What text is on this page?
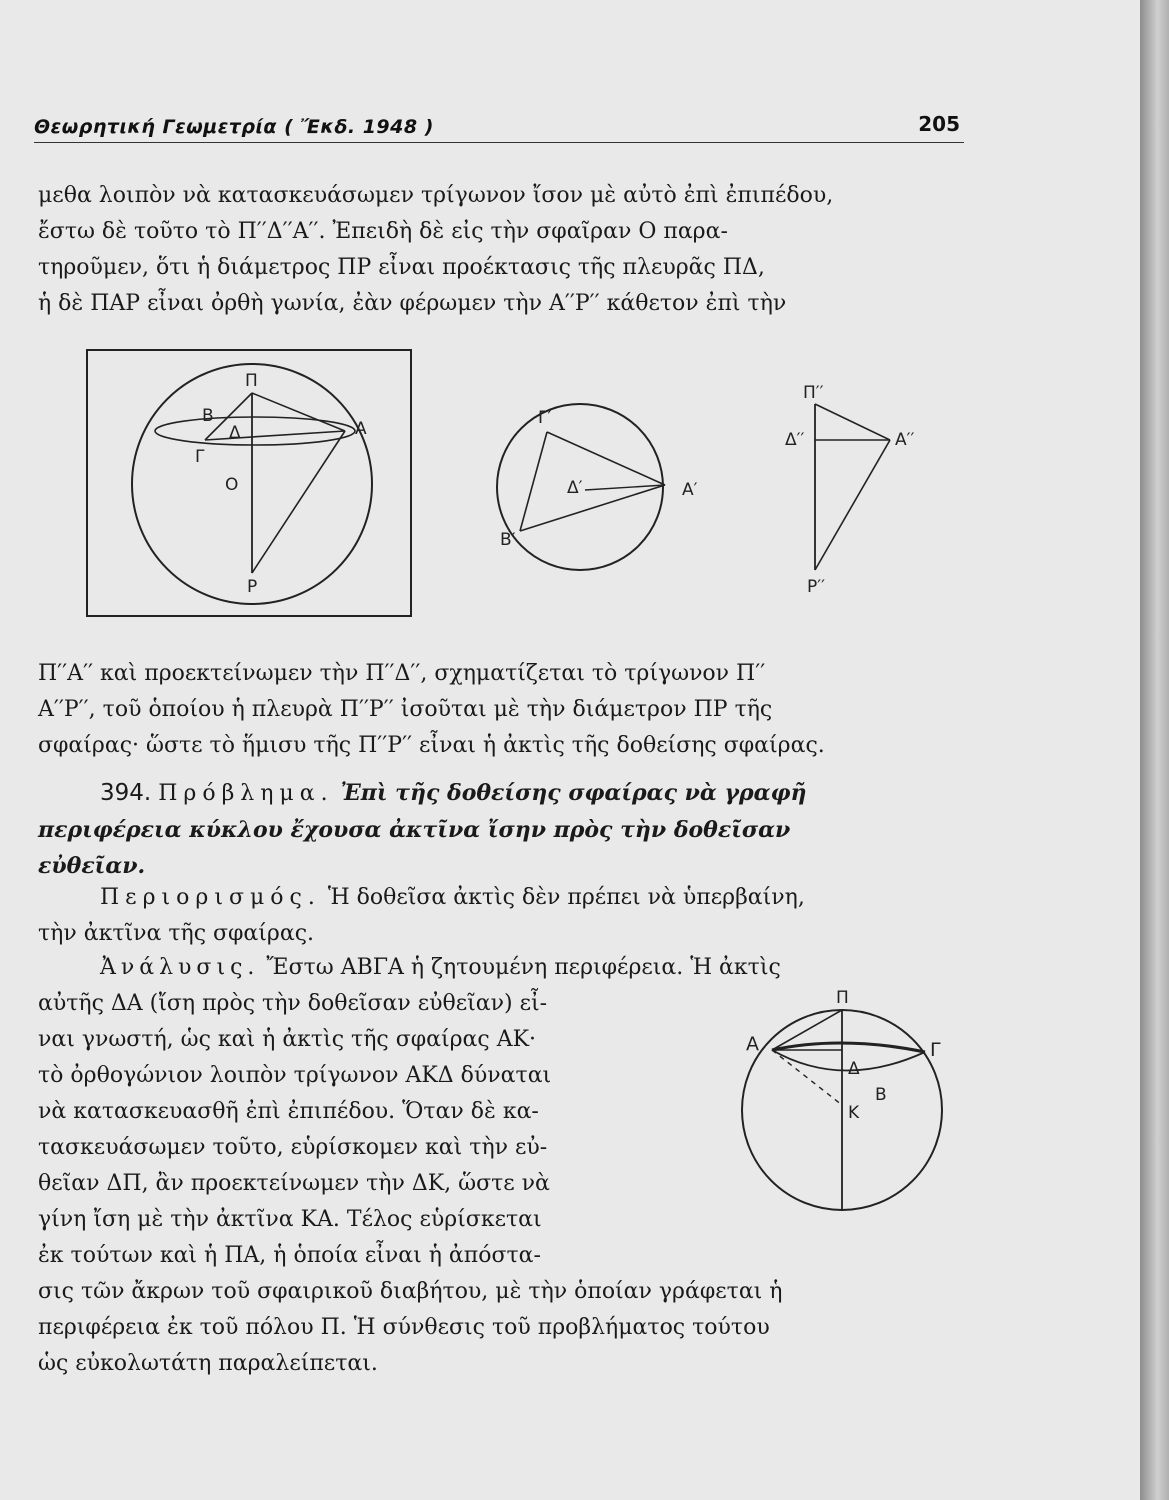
Θεωρητική Γεωμετρία ( Ἔκδ. 1948 )	205
μεθα λοιπὸν νὰ κατασκευάσωμεν τρίγωνον ἴσον μὲ αὐτὸ ἐπὶ ἐπιπέδου,
ἔστω δὲ τοῦτο τὸ Π′′Δ′′Α′′. Ἐπειδὴ δὲ εἰς τὴν σφαῖραν Ο παρα-
τηροῦμεν, ὅτι ἡ διάμετρος ΠΡ εἶναι προέκτασις τῆς πλευρᾶς ΠΔ,
ἡ δὲ ΠΑΡ εἶναι ὀρθὴ γωνία, ἐὰν φέρωμεν τὴν Α′′Ρ′′ κάθετον ἐπὶ τὴν
Π
Β
Δ	Α
Γ
Ο
Ρ
Γ′
Δ′	Α′
Β′
Π′′
Δ′′	Α′′
Ρ′′
Π′′Α′′ καὶ προεκτείνωμεν τὴν Π′′Δ′′, σχηματίζεται τὸ τρίγωνον Π′′
Α′′Ρ′′, τοῦ ὁποίου ἡ πλευρὰ Π′′Ρ′′ ἰσοῦται μὲ τὴν διάμετρον ΠΡ τῆς
σφαίρας· ὥστε τὸ ἥμισυ τῆς Π′′Ρ′′ εἶναι ἡ ἀκτὶς τῆς δοθείσης σφαίρας.
394. Πρόβλημα. Ἐπὶ τῆς δοθείσης σφαίρας νὰ γραφῆ
περιφέρεια κύκλου ἔχουσα ἀκτῖνα ἴσην πρὸς τὴν δοθεῖσαν
εὐθεῖαν.
Περιορισμός. Ἡ δοθεῖσα ἀκτὶς δὲν πρέπει νὰ ὑπερβαίνη,
τὴν ἀκτῖνα τῆς σφαίρας.
Ἀνάλυσις. Ἔστω ΑΒΓΑ ἡ ζητουμένη περιφέρεια. Ἡ ἀκτὶς
αὐτῆς ΔΑ (ἴση πρὸς τὴν δοθεῖσαν εὐθεῖαν) εἶ-
ναι γνωστή, ὡς καὶ ἡ ἀκτὶς τῆς σφαίρας ΑΚ·
τὸ ὀρθογώνιον λοιπὸν τρίγωνον ΑΚΔ δύναται
νὰ κατασκευασθῆ ἐπὶ ἐπιπέδου. Ὅταν δὲ κα-
τασκευάσωμεν τοῦτο, εὑρίσκομεν καὶ τὴν εὐ-
θεῖαν ΔΠ, ἂν προεκτείνωμεν τὴν ΔΚ, ὥστε νὰ
γίνη ἴση μὲ τὴν ἀκτῖνα ΚΑ. Τέλος εὑρίσκεται
ἐκ τούτων καὶ ἡ ΠΑ, ἡ ὁποία εἶναι ἡ ἀπόστα-
σις τῶν ἄκρων τοῦ σφαιρικοῦ διαβήτου, μὲ τὴν ὁποίαν γράφεται ἡ
περιφέρεια ἐκ τοῦ πόλου Π. Ἡ σύνθεσις τοῦ προβλήματος τούτου
ὡς εὐκολωτάτη παραλείπεται.
Π
Α
Δ
Γ
Β
Κ
